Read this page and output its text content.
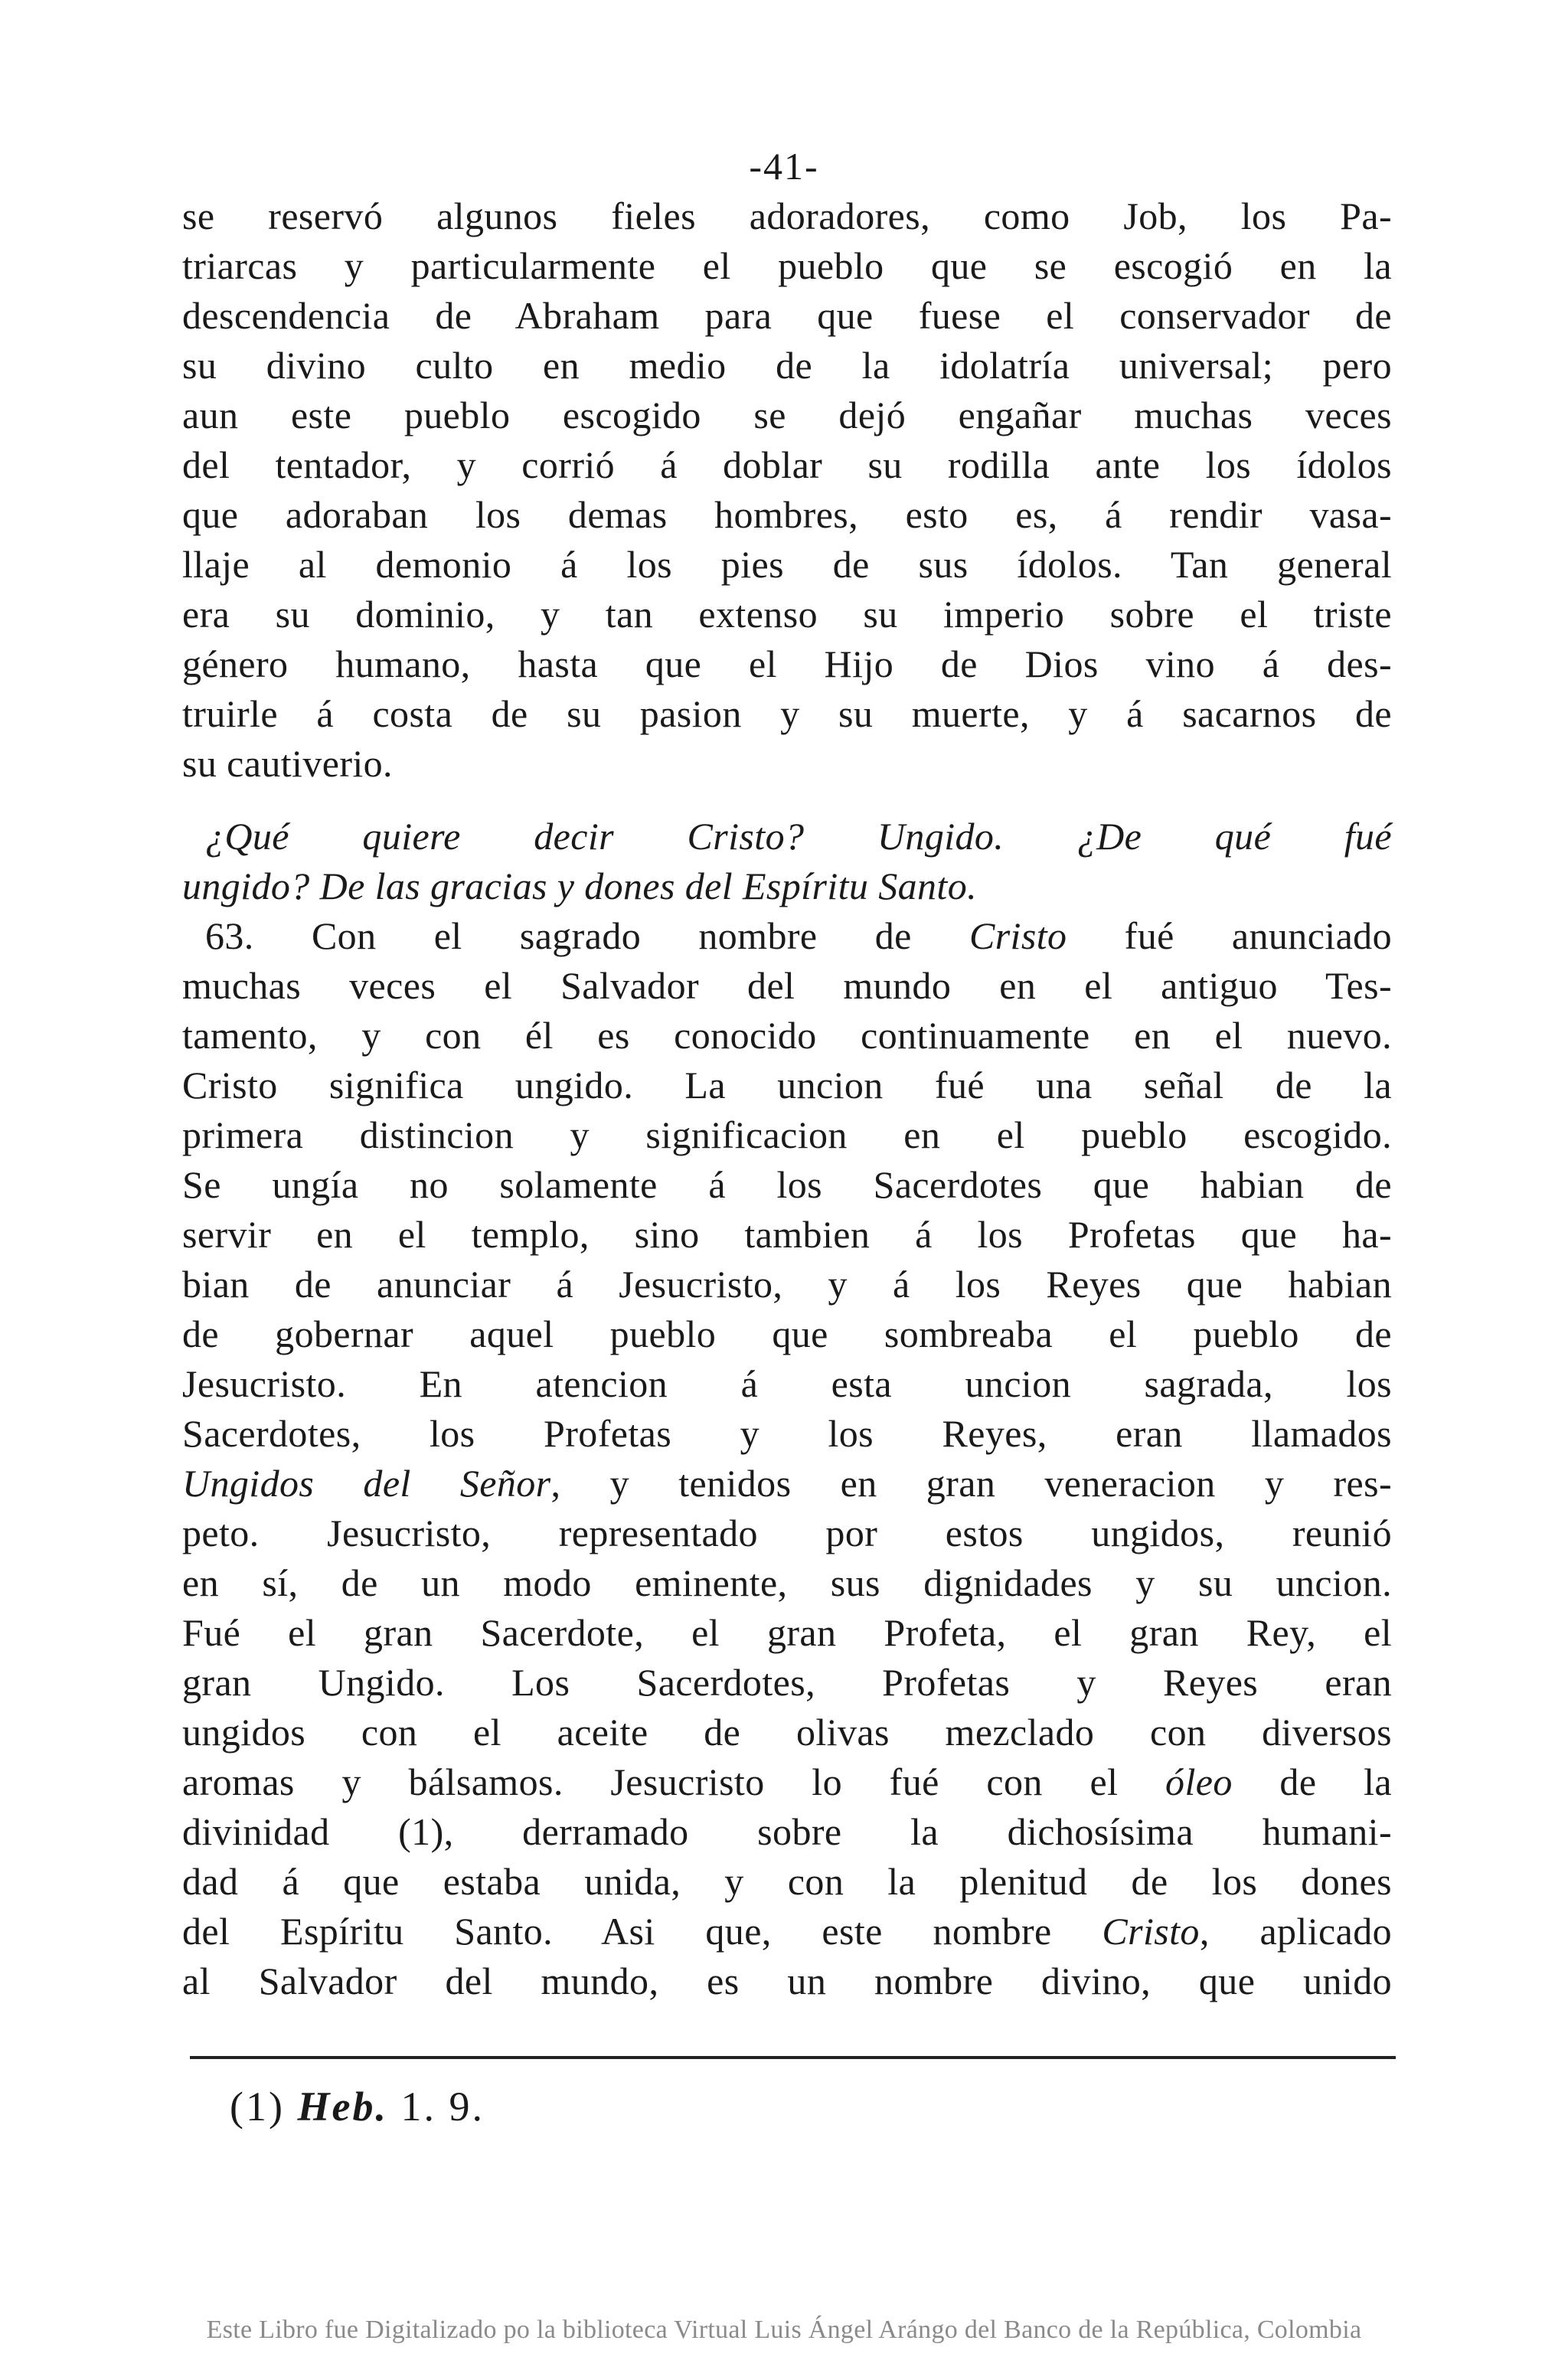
-41-
se reservó algunos fieles adoradores, como Job, los Pa-
triarcas y particularmente el pueblo que se escogió en la
descendencia de Abraham para que fuese el conservador de
su divino culto en medio de la idolatría universal; pero
aun este pueblo escogido se dejó engañar muchas veces
del tentador, y corrió á doblar su rodilla ante los ídolos
que adoraban los demas hombres, esto es, á rendir vasa-
llaje al demonio á los pies de sus ídolos. Tan general
era su dominio, y tan extenso su imperio sobre el triste
género humano, hasta que el Hijo de Dios vino á des-
truirle á costa de su pasion y su muerte, y á sacarnos de
su cautiverio.
¿Qué quiere decir Cristo? Ungido. ¿De qué fué
ungido? De las gracias y dones del Espíritu Santo.
63. Con el sagrado nombre de Cristo fué anunciado
muchas veces el Salvador del mundo en el antiguo Tes-
tamento, y con él es conocido continuamente en el nuevo.
Cristo significa ungido. La uncion fué una señal de la
primera distincion y significacion en el pueblo escogido.
Se ungía no solamente á los Sacerdotes que habian de
servir en el templo, sino tambien á los Profetas que ha-
bian de anunciar á Jesucristo, y á los Reyes que habian
de gobernar aquel pueblo que sombreaba el pueblo de
Jesucristo. En atencion á esta uncion sagrada, los
Sacerdotes, los Profetas y los Reyes, eran llamados
Ungidos del Señor, y tenidos en gran veneracion y res-
peto. Jesucristo, representado por estos ungidos, reunió
en sí, de un modo eminente, sus dignidades y su uncion.
Fué el gran Sacerdote, el gran Profeta, el gran Rey, el
gran Ungido. Los Sacerdotes, Profetas y Reyes eran
ungidos con el aceite de olivas mezclado con diversos
aromas y bálsamos. Jesucristo lo fué con el óleo de la
divinidad (1), derramado sobre la dichosísima humani-
dad á que estaba unida, y con la plenitud de los dones
del Espíritu Santo. Asi que, este nombre Cristo, aplicado
al Salvador del mundo, es un nombre divino, que unido
(1) Heb. 1. 9.
Este Libro fue Digitalizado po la biblioteca Virtual Luis Ángel Arángo del Banco de la República, Colombia
